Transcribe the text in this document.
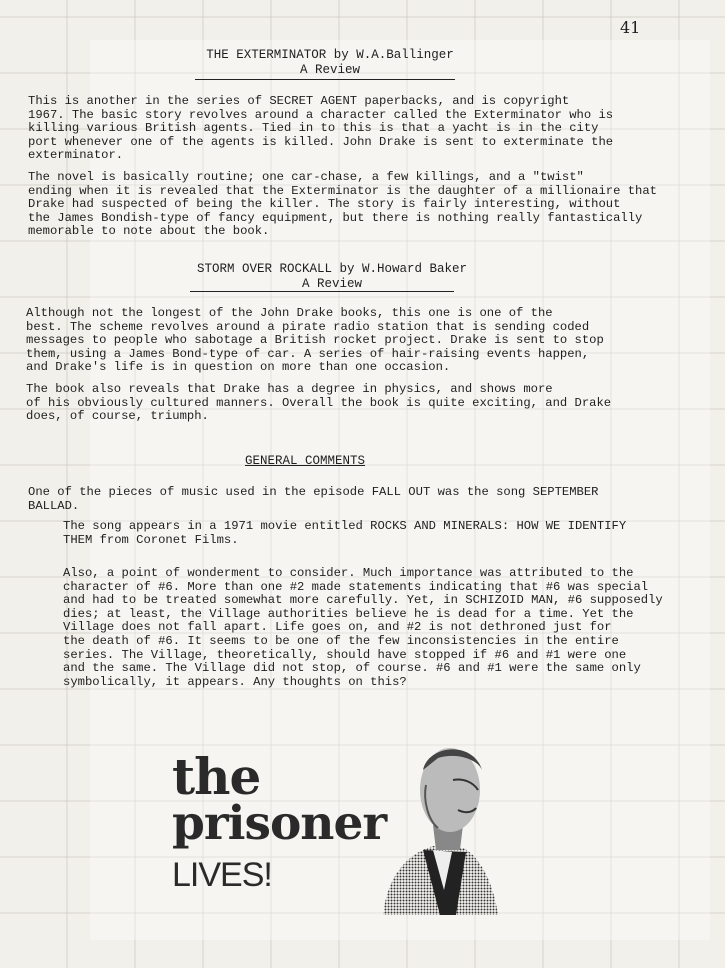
41
THE EXTERMINATOR by W.A.Ballinger
A Review

This is another in the series of SECRET AGENT paperbacks, and is copyright
1967. The basic story revolves around a character called the Exterminator who is
killing various British agents. Tied in to this is that a yacht is in the city
port whenever one of the agents is killed. John Drake is sent to exterminate the
exterminator.

The novel is basically routine; one car-chase, a few killings, and a "twist"
ending when it is revealed that the Exterminator is the daughter of a millionaire that
Drake had suspected of being the killer. The story is fairly interesting, without
the James Bondish-type of fancy equipment, but there is nothing really fantastically
memorable to note about the book.

STORM OVER ROCKALL by W.Howard Baker
A Review

Although not the longest of the John Drake books, this one is one of the
best. The scheme revolves around a pirate radio station that is sending coded
messages to people who sabotage a British rocket project. Drake is sent to stop
them, using a James Bond-type of car. A series of hair-raising events happen,
and Drake's life is in question on more than one occasion.

The book also reveals that Drake has a degree in physics, and shows more
of his obviously cultured manners. Overall the book is quite exciting, and Drake
does, of course, triumph.

GENERAL COMMENTS

One of the pieces of music used in the episode FALL OUT was the song SEPTEMBER
BALLAD.

The song appears in a 1971 movie entitled ROCKS AND MINERALS: HOW WE IDENTIFY
THEM from Coronet Films.

Also, a point of wonderment to consider. Much importance was attributed to the
character of #6. More than one #2 made statements indicating that #6 was special
and had to be treated somewhat more carefully. Yet, in SCHIZOID MAN, #6 supposedly
dies; at least, the Village authorities believe he is dead for a time. Yet the
Village does not fall apart. Life goes on, and #2 is not dethroned just for
the death of #6. It seems to be one of the few inconsistencies in the entire
series. The Village, theoretically, should have stopped if #6 and #1 were one
and the same. The Village did not stop, of course. #6 and #1 were the same only
symbolically, it appears. Any thoughts on this?

the
prisoner
LIVES!
